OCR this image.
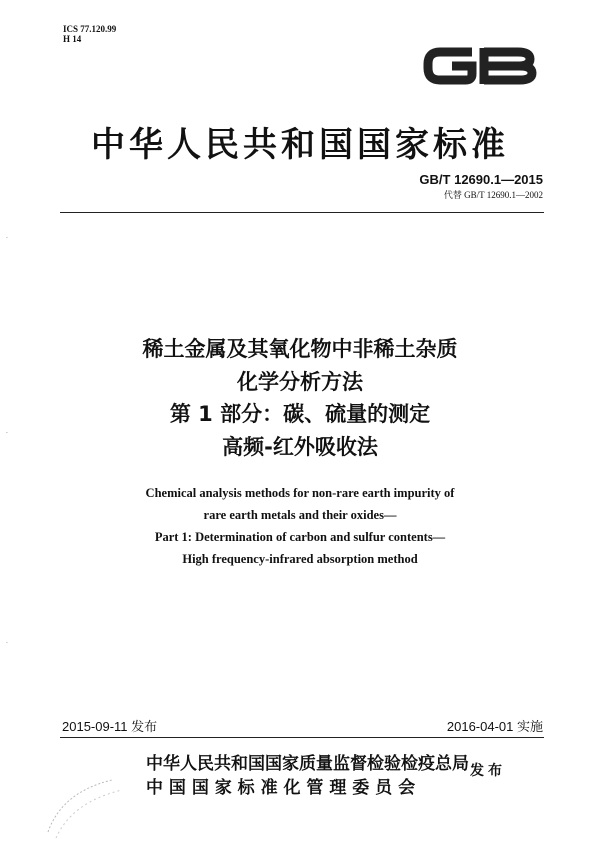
ICS 77.120.99
H 14
中华人民共和国国家标准
GB/T 12690.1—2015
代替 GB/T 12690.1—2002
稀土金属及其氧化物中非稀土杂质
化学分析方法
第 1 部分：碳、硫量的测定
高频-红外吸收法
Chemical analysis methods for non-rare earth impurity of
rare earth metals and their oxides—
Part 1: Determination of carbon and sulfur contents—
High frequency-infrared absorption method
2015-09-11 发布	2016-04-01 实施
中华人民共和国国家质量监督检验检疫总局
中 国 国 家 标 准 化 管 理 委 员 会
发布
·
·
·
